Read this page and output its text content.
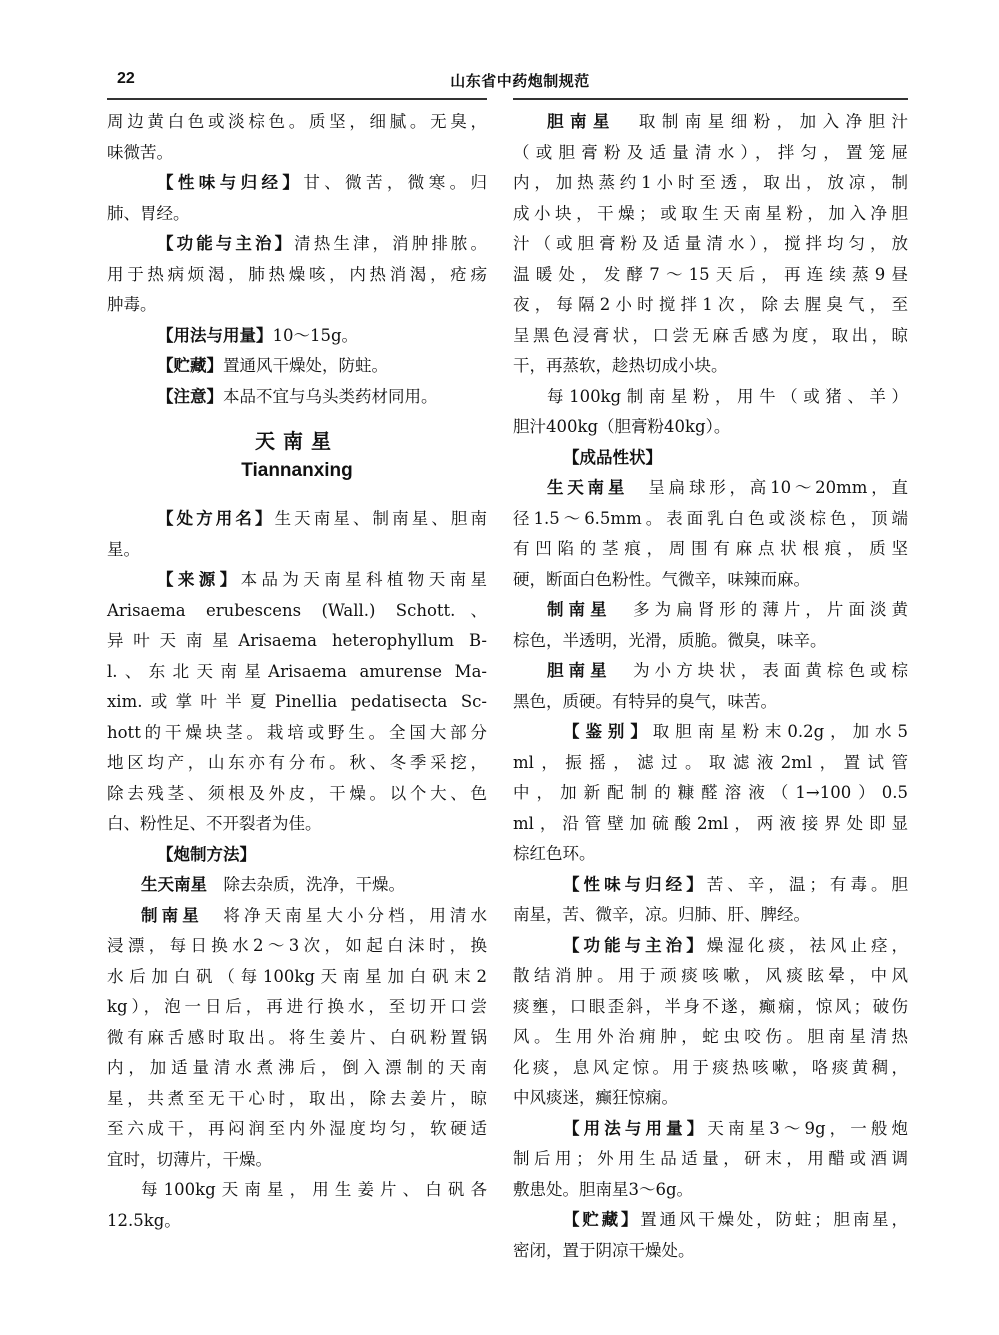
22	山东省中药炮制规范
周边黄白色或淡棕色。质坚，细腻。无臭，
味微苦。
【性味与归经】甘、微苦，微寒。归
肺、胃经。
【功能与主治】清热生津，消肿排脓。
用于热病烦渴，肺热燥咳，内热消渴，疮疡
肿毒。
【用法与用量】10～15g。
【贮藏】置通风干燥处，防蛀。
【注意】本品不宜与乌头类药材同用。
天南星
Tiannanxing
【处方用名】生天南星、制南星、胆南
星。
【来源】本品为天南星科植物天南星
Arisaema erubescens (Wall.) Schott.、
异叶天南星Arisaema heterophyllum B-
l.、东北天南星Arisaema amurense Ma-
xim.或掌叶半夏Pinellia pedatisecta Sc-
hott的干燥块茎。栽培或野生。全国大部分
地区均产，山东亦有分布。秋、冬季采挖，
除去残茎、须根及外皮，干燥。以个大、色
白、粉性足、不开裂者为佳。
【炮制方法】
生天南星　除去杂质，洗净，干燥。
制南星　将净天南星大小分档，用清水
浸漂，每日换水2～3次，如起白沫时，换
水后加白矾（每100kg天南星加白矾末2
kg），泡一日后，再进行换水，至切开口尝
微有麻舌感时取出。将生姜片、白矾粉置锅
内，加适量清水煮沸后，倒入漂制的天南
星，共煮至无干心时，取出，除去姜片，晾
至六成干，再闷润至内外湿度均匀，软硬适
宜时，切薄片，干燥。
每100kg天南星，用生姜片、白矾各
12.5kg。
胆南星　取制南星细粉，加入净胆汁
（或胆膏粉及适量清水），拌匀，置笼屉
内，加热蒸约1小时至透，取出，放凉，制
成小块，干燥；或取生天南星粉，加入净胆
汁（或胆膏粉及适量清水），搅拌均匀，放
温暖处，发酵7～15天后，再连续蒸9昼
夜，每隔2小时搅拌1次，除去腥臭气，至
呈黑色浸膏状，口尝无麻舌感为度，取出，晾
干，再蒸软，趁热切成小块。
每100kg制南星粉，用牛（或猪、羊）
胆汁400kg（胆膏粉40kg）。
【成品性状】
生天南星　呈扁球形，高10～20mm，直
径1.5～6.5mm。表面乳白色或淡棕色，顶端
有凹陷的茎痕，周围有麻点状根痕，质坚
硬，断面白色粉性。气微辛，味辣而麻。
制南星　多为扁肾形的薄片，片面淡黄
棕色，半透明，光滑，质脆。微臭，味辛。
胆南星　为小方块状，表面黄棕色或棕
黑色，质硬。有特异的臭气，味苦。
【鉴别】取胆南星粉末0.2g，加水5
ml，振摇，滤过。取滤液2ml，置试管
中，加新配制的糠醛溶液（1→100）0.5
ml，沿管壁加硫酸2ml，两液接界处即显
棕红色环。
【性味与归经】苦、辛，温；有毒。胆
南星，苦、微辛，凉。归肺、肝、脾经。
【功能与主治】燥湿化痰，祛风止痉，
散结消肿。用于顽痰咳嗽，风痰眩晕，中风
痰壅，口眼歪斜，半身不遂，癫痫，惊风；破伤
风。生用外治痈肿，蛇虫咬伤。胆南星清热
化痰，息风定惊。用于痰热咳嗽，咯痰黄稠，
中风痰迷，癫狂惊痫。
【用法与用量】天南星3～9g，一般炮
制后用；外用生品适量，研末，用醋或酒调
敷患处。胆南星3～6g。
【贮藏】置通风干燥处，防蛀；胆南星，
密闭，置于阴凉干燥处。
